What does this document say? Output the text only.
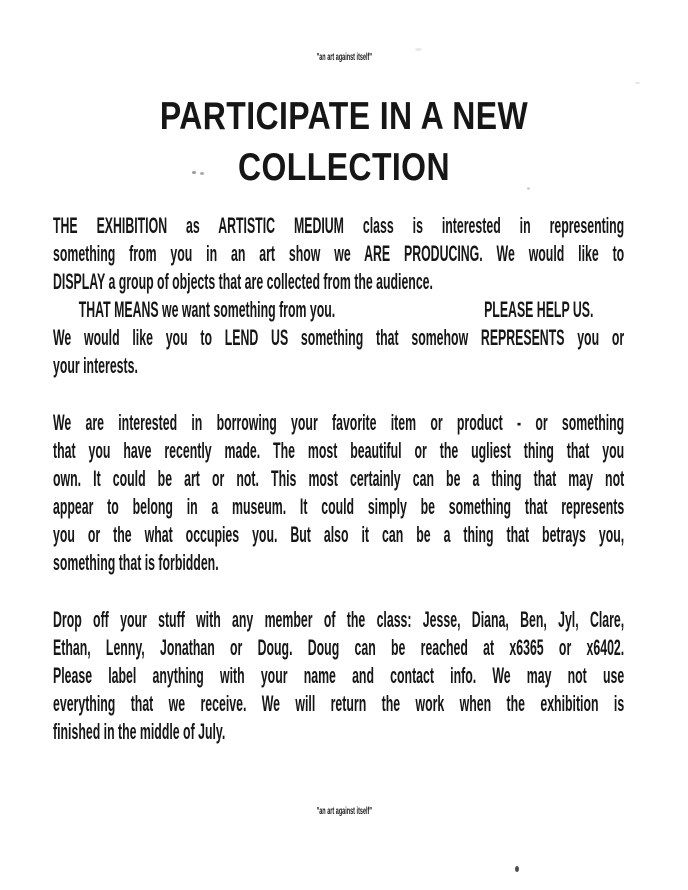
"an art against itself"
PARTICIPATE IN A NEW
COLLECTION
THE EXHIBITION as ARTISTIC MEDIUM class is interested in representing
something from you in an art show we ARE PRODUCING. We would like to
DISPLAY a group of objects that are collected from the audience.
THAT MEANS we want something from you.	PLEASE HELP US.
We would like you to LEND US something that somehow REPRESENTS you or
your interests.
We are interested in borrowing your favorite item or product - or something
that you have recently made. The most beautiful or the ugliest thing that you
own. It could be art or not. This most certainly can be a thing that may not
appear to belong in a museum. It could simply be something that represents
you or the what occupies you. But also it can be a thing that betrays you,
something that is forbidden.
Drop off your stuff with any member of the class: Jesse, Diana, Ben, Jyl, Clare,
Ethan, Lenny, Jonathan or Doug. Doug can be reached at x6365 or x6402.
Please label anything with your name and contact info. We may not use
everything that we receive. We will return the work when the exhibition is
finished in the middle of July.
"an art against itself"
